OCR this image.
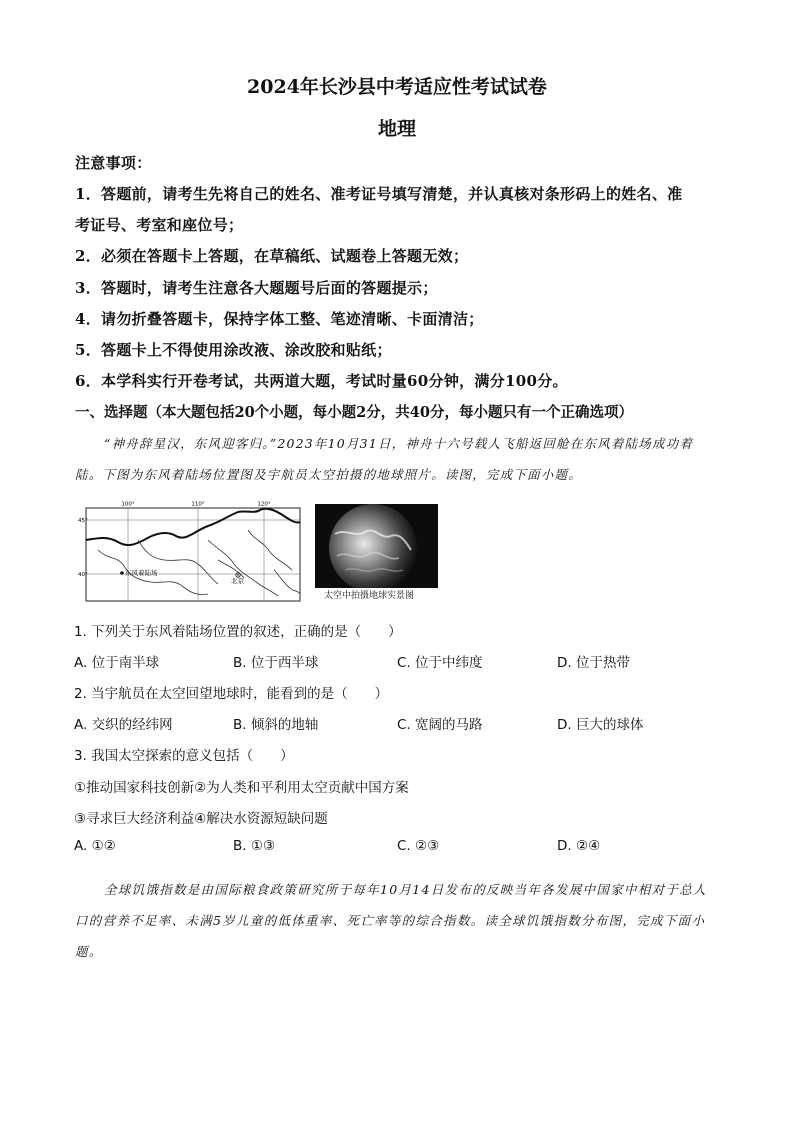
2024年长沙县中考适应性考试试卷
地理
注意事项：
1．答题前，请考生先将自己的姓名、准考证号填写清楚，并认真核对条形码上的姓名、准
考证号、考室和座位号；
2．必须在答题卡上答题，在草稿纸、试题卷上答题无效；
3．答题时，请考生注意各大题题号后面的答题提示；
4．请勿折叠答题卡，保持字体工整、笔迹清晰、卡面清洁；
5．答题卡上不得使用涂改液、涂改胶和贴纸；
6．本学科实行开卷考试，共两道大题，考试时量60分钟，满分100分。
一、选择题（本大题包括20个小题，每小题2分，共40分，每小题只有一个正确选项）
“神舟辞星汉，东风迎客归。”2023年10月31日，神舟十六号载人飞船返回舱在东风着陆场成功着
陆。下图为东风着陆场位置图及宇航员太空拍摄的地球照片。读图，完成下面小题。
100°	110°	120°
45°
40°	东风着陆场
北京
太空中拍摄地球实景图
1. 下列关于东风着陆场位置的叙述，正确的是（　　）
A. 位于南半球	B. 位于西半球	C. 位于中纬度	D. 位于热带
2. 当宇航员在太空回望地球时，能看到的是（　　）
A. 交织的经纬网	B. 倾斜的地轴	C. 宽阔的马路	D. 巨大的球体
3. 我国太空探索的意义包括（　　）
①推动国家科技创新②为人类和平利用太空贡献中国方案
③寻求巨大经济利益④解决水资源短缺问题
A. ①②	B. ①③	C. ②③	D. ②④
全球饥饿指数是由国际粮食政策研究所于每年10月14日发布的反映当年各发展中国家中相对于总人
口的营养不足率、未满5岁儿童的低体重率、死亡率等的综合指数。读全球饥饿指数分布图，完成下面小
题。
